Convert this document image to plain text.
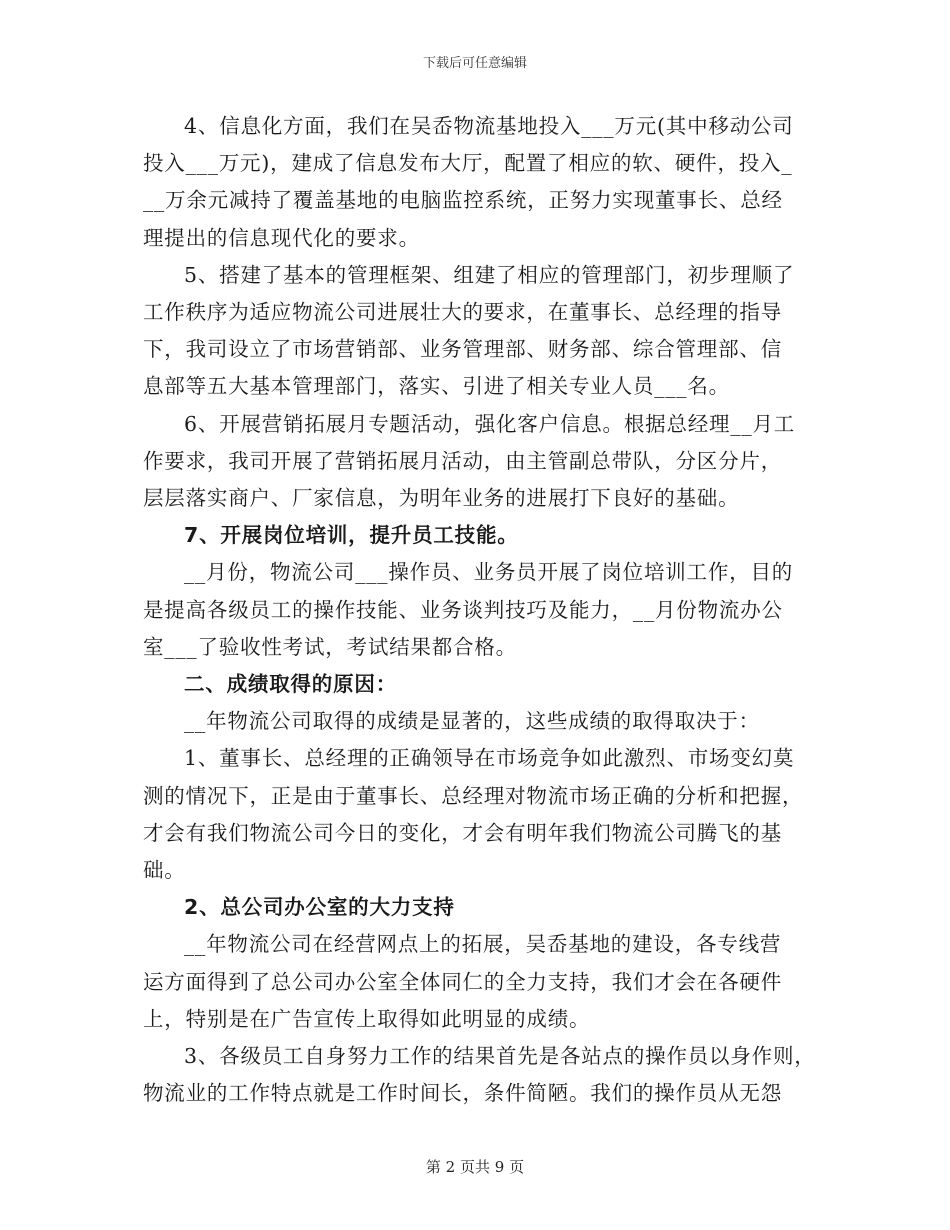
下载后可任意编辑
4、信息化方面，我们在吴岙物流基地投入___万元(其中移动公司
投入___万元)，建成了信息发布大厅，配置了相应的软、硬件，投入_
__万余元减持了覆盖基地的电脑监控系统，正努力实现董事长、总经
理提出的信息现代化的要求。
5、搭建了基本的管理框架、组建了相应的管理部门，初步理顺了
工作秩序为适应物流公司进展壮大的要求，在董事长、总经理的指导
下，我司设立了市场营销部、业务管理部、财务部、综合管理部、信
息部等五大基本管理部门，落实、引进了相关专业人员___名。
6、开展营销拓展月专题活动，强化客户信息。根据总经理__月工
作要求，我司开展了营销拓展月活动，由主管副总带队，分区分片，
层层落实商户、厂家信息，为明年业务的进展打下良好的基础。
7、开展岗位培训，提升员工技能。
__月份，物流公司___操作员、业务员开展了岗位培训工作，目的
是提高各级员工的操作技能、业务谈判技巧及能力，__月份物流办公
室___了验收性考试，考试结果都合格。
二、成绩取得的原因：
__年物流公司取得的成绩是显著的，这些成绩的取得取决于：
1、董事长、总经理的正确领导在市场竞争如此激烈、市场变幻莫
测的情况下，正是由于董事长、总经理对物流市场正确的分析和把握，
才会有我们物流公司今日的变化，才会有明年我们物流公司腾飞的基
础。
2、总公司办公室的大力支持
__年物流公司在经营网点上的拓展，吴岙基地的建设，各专线营
运方面得到了总公司办公室全体同仁的全力支持，我们才会在各硬件
上，特别是在广告宣传上取得如此明显的成绩。
3、各级员工自身努力工作的结果首先是各站点的操作员以身作则，
物流业的工作特点就是工作时间长，条件简陋。我们的操作员从无怨
第 2 页共 9 页
